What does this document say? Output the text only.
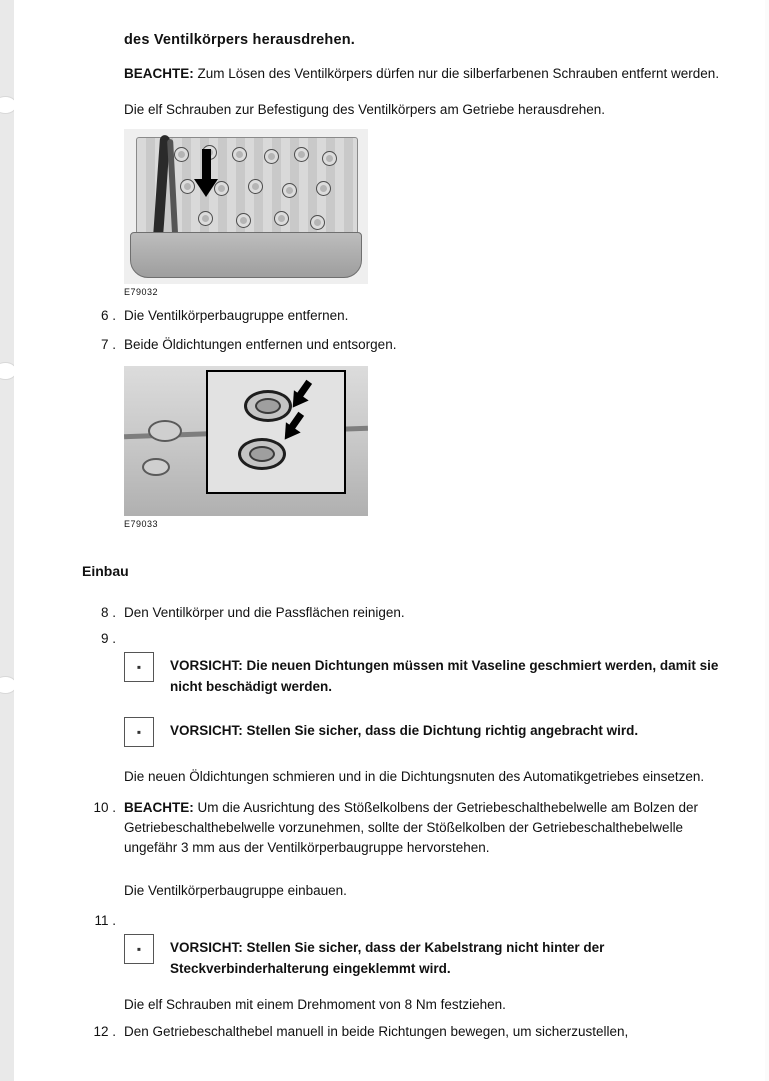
des Ventilkörpers herausdrehen.
BEACHTE: Zum Lösen des Ventilkörpers dürfen nur die silberfarbenen Schrauben entfernt werden.
Die elf Schrauben zur Befestigung des Ventilkörpers am Getriebe herausdrehen.
E79032
6 . Die Ventilkörperbaugruppe entfernen.
7 . Beide Öldichtungen entfernen und entsorgen.
E79033
Einbau
8 . Den Ventilkörper und die Passflächen reinigen.
9 .
▪	VORSICHT: Die neuen Dichtungen müssen mit Vaseline geschmiert werden, damit sie nicht beschädigt werden.
▪	VORSICHT: Stellen Sie sicher, dass die Dichtung richtig angebracht wird.
Die neuen Öldichtungen schmieren und in die Dichtungsnuten des Automatikgetriebes einsetzen.
10 . BEACHTE: Um die Ausrichtung des Stößelkolbens der Getriebeschalthebelwelle am Bolzen der Getriebeschalthebelwelle vorzunehmen, sollte der Stößelkolben der Getriebeschalthebelwelle ungefähr 3 mm aus der Ventilkörperbaugruppe hervorstehen.
Die Ventilkörperbaugruppe einbauen.
11 .
▪	VORSICHT: Stellen Sie sicher, dass der Kabelstrang nicht hinter der Steckverbinderhalterung eingeklemmt wird.
Die elf Schrauben mit einem Drehmoment von 8 Nm festziehen.
12 . Den Getriebeschalthebel manuell in beide Richtungen bewegen, um sicherzustellen,
